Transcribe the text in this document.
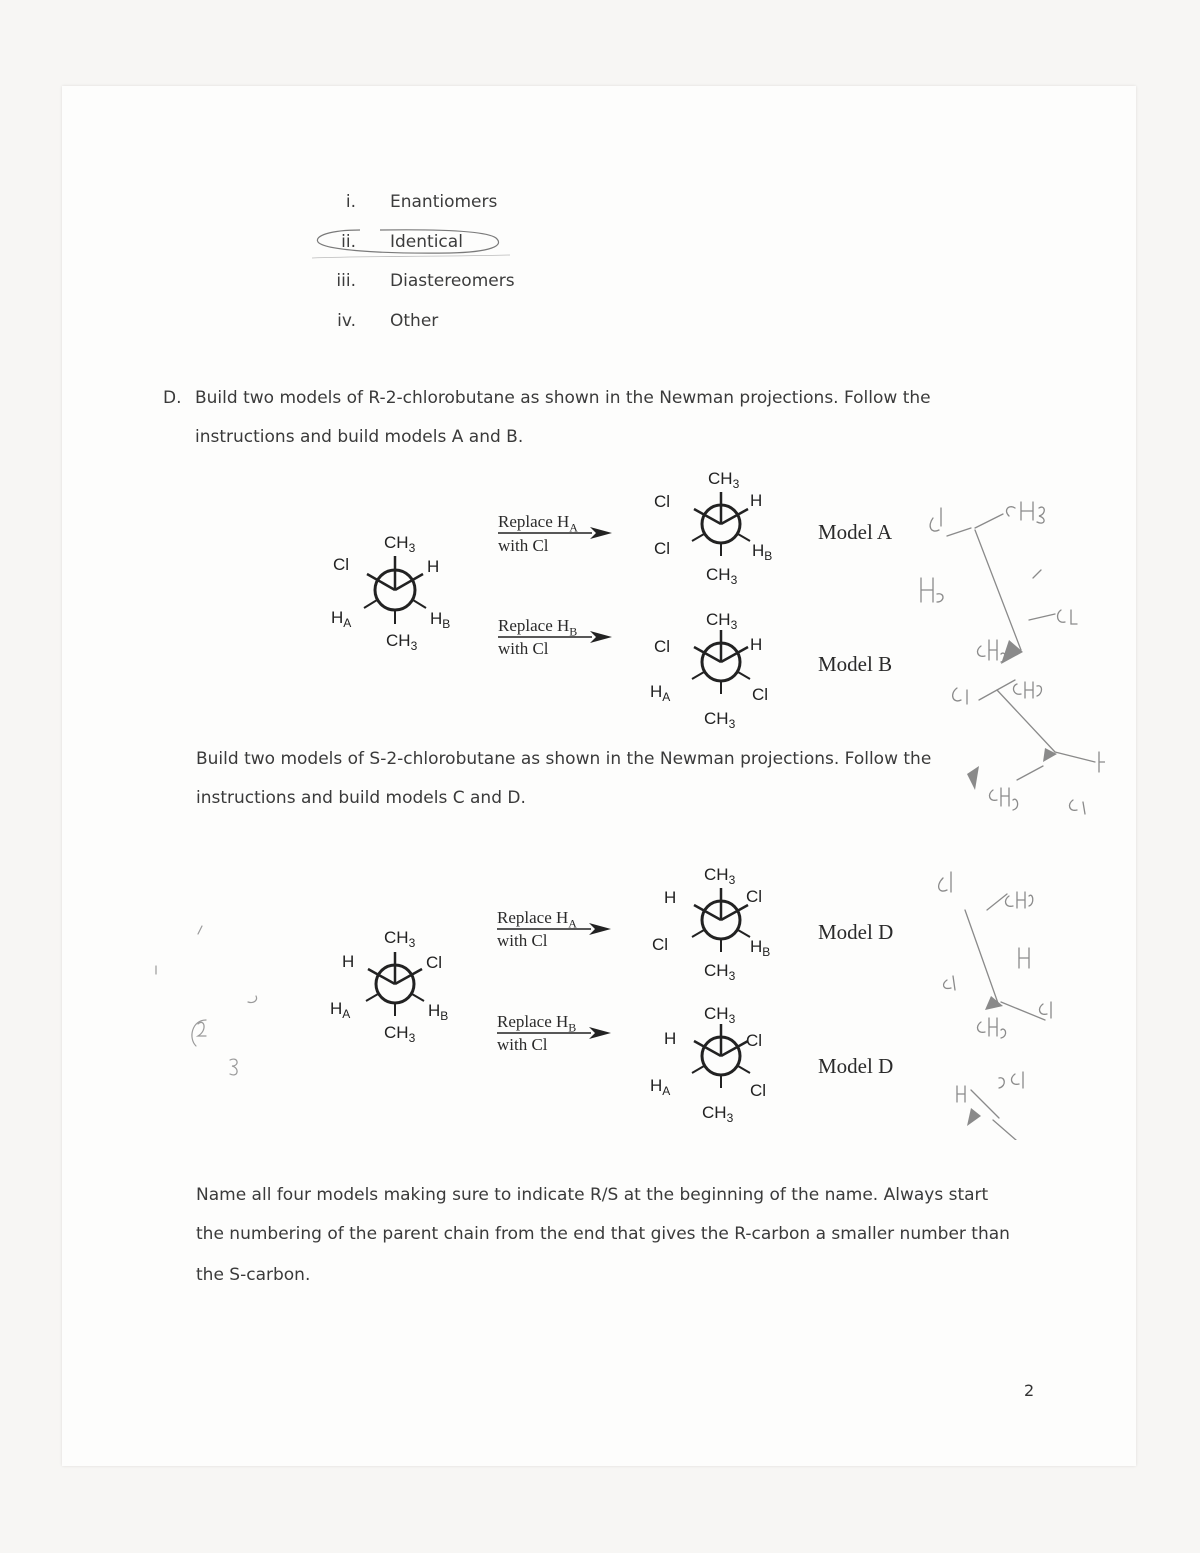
i. Enantiomers
ii. Identical
iii. Diastereomers
iv. Other
D. Build two models of R-2-chlorobutane as shown in the Newman projections. Follow the
instructions and build models A and B.
$CH_3$
Cl	H
$H_A$	$H_B$
$CH_3$
Replace $H_A$
with Cl
Replace $H_B$
with Cl
$CH_3$
Cl	H
Cl	$H_B$
$CH_3$
$CH_3$
Cl	H
$H_A$	Cl
$CH_3$
Model A
Model B
Build two models of S-2-chlorobutane as shown in the Newman projections. Follow the
instructions and build models C and D.
$CH_3$
H	Cl
$H_A$	$H_B$
$CH_3$
Replace $H_A$
with Cl
Replace $H_B$
with Cl
$CH_3$
H	Cl
Cl	$H_B$
$CH_3$
$CH_3$
H	Cl
$H_A$	Cl
$CH_3$
Model D
Model D
Name all four models making sure to indicate R/S at the beginning of the name. Always start
the numbering of the parent chain from the end that gives the R-carbon a smaller number than
the S-carbon.
2
